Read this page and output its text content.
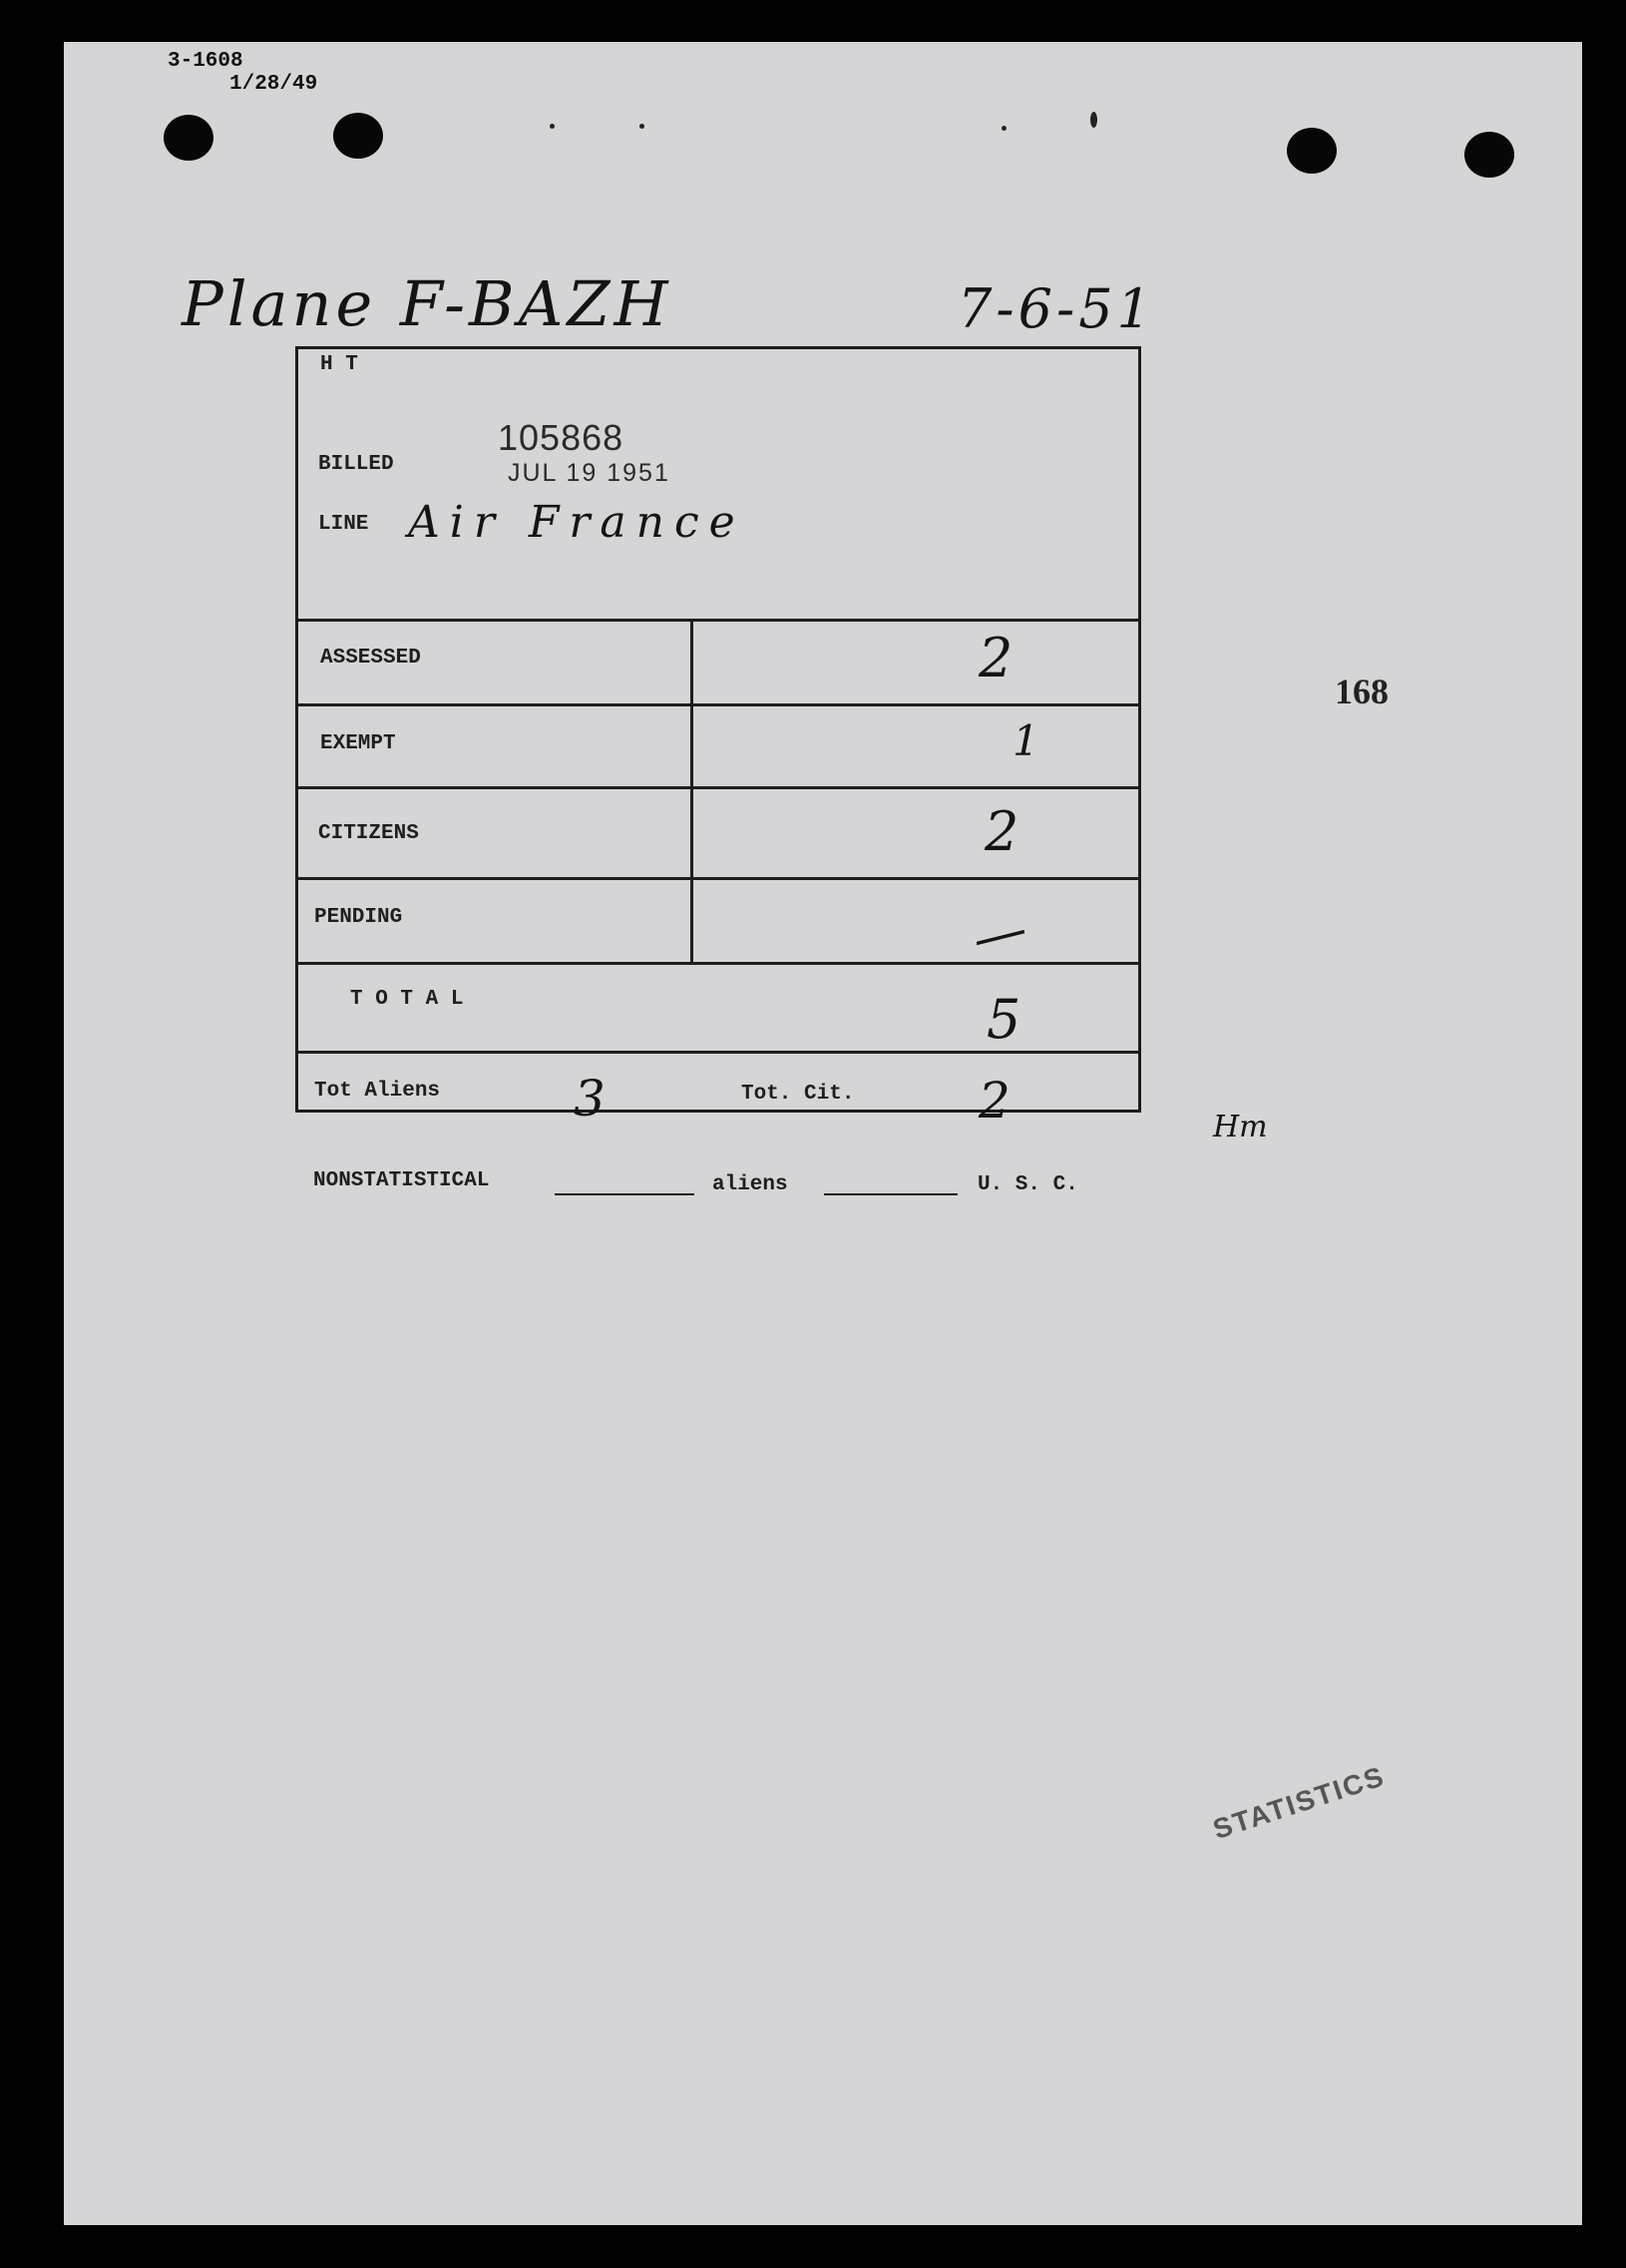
3-1608
1/28/49
Plane F-BAZH	7-6-51
H T
BILLED
105868
JUL 19 1951
LINE Air France
ASSESSED	2
EXEMPT	1
CITIZENS	2
PENDING	—
T O T A L	5
Tot Aliens	3	Tot. Cit. 2
168
Hm
NONSTATISTICAL	aliens	U. S. C.
STATISTICS
